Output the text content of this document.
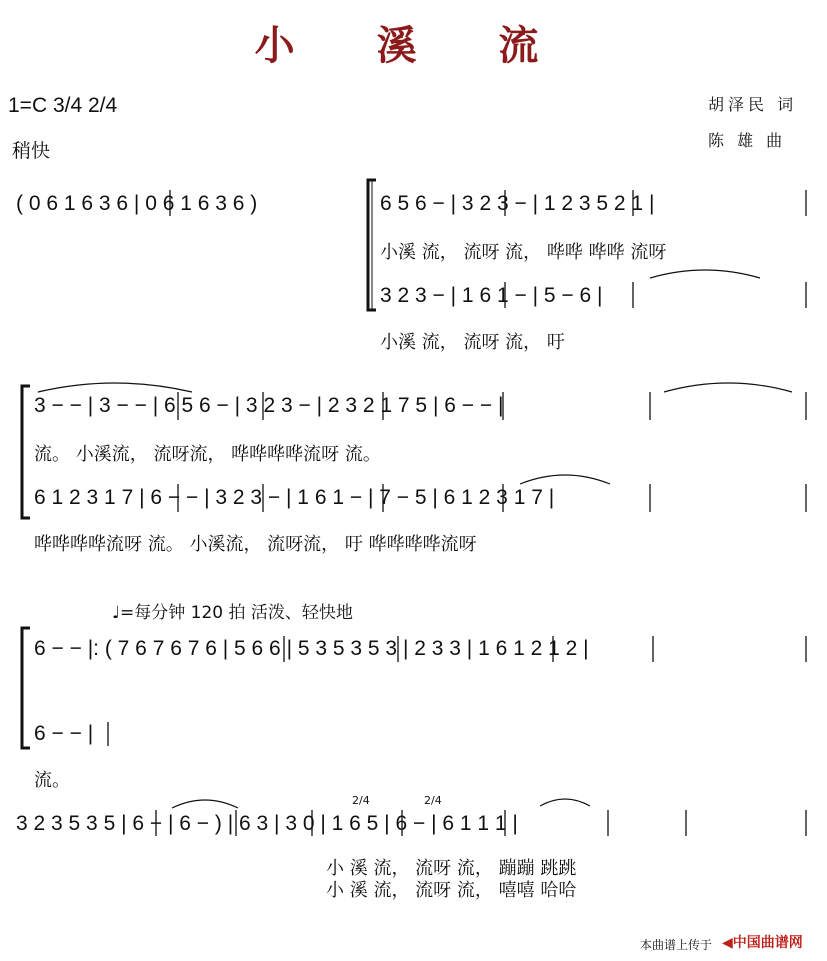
小 溪 流
1=C 3/4 2/4
稍快
胡泽民 词
陈 雄 曲
( 0 6 1 6 3 6 | 0 6 1 6 3 6 )	6 5 6 − | 3 2 3 − | 1 2 3 5 2 1 |
小溪 流， 流呀 流， 哗哗 哗哗 流呀
3 2 3 − | 1 6 1 − | 5 − 6 |
小溪 流， 流呀 流， 吁
3 − − | 3 − − | 6 5 6 − | 3 2 3 − | 2 3 2 1 7 5 | 6 − − |
流。 小溪流， 流呀流， 哗哗哗哗流呀 流。
6 1 2 3 1 7 | 6 − − | 3 2 3 − | 1 6 1 − | 7 − 5 | 6 1 2 3 1 7 |
哗哗哗哗流呀 流。 小溪流， 流呀流， 吁 哗哗哗哗流呀
♩=每分钟 120 拍 活泼、轻快地
6 − − |: ( 7 6 7 6 7 6 | 5 6 6 | 5 3 5 3 5 3 | 2 3 3 | 1 6 1 2 1 2 |
6 − − |
流。
3 2 3 5 3 5 | 6 − | 6 − ) | 6 3 | 3 0 | 1 6 5 | 6 − | 6 1 1 1 |
2/4	2/4
小 溪 流， 流呀 流， 蹦蹦 跳跳
小 溪 流， 流呀 流， 嘻嘻 哈哈
本曲谱上传于 ◀中国曲谱网
